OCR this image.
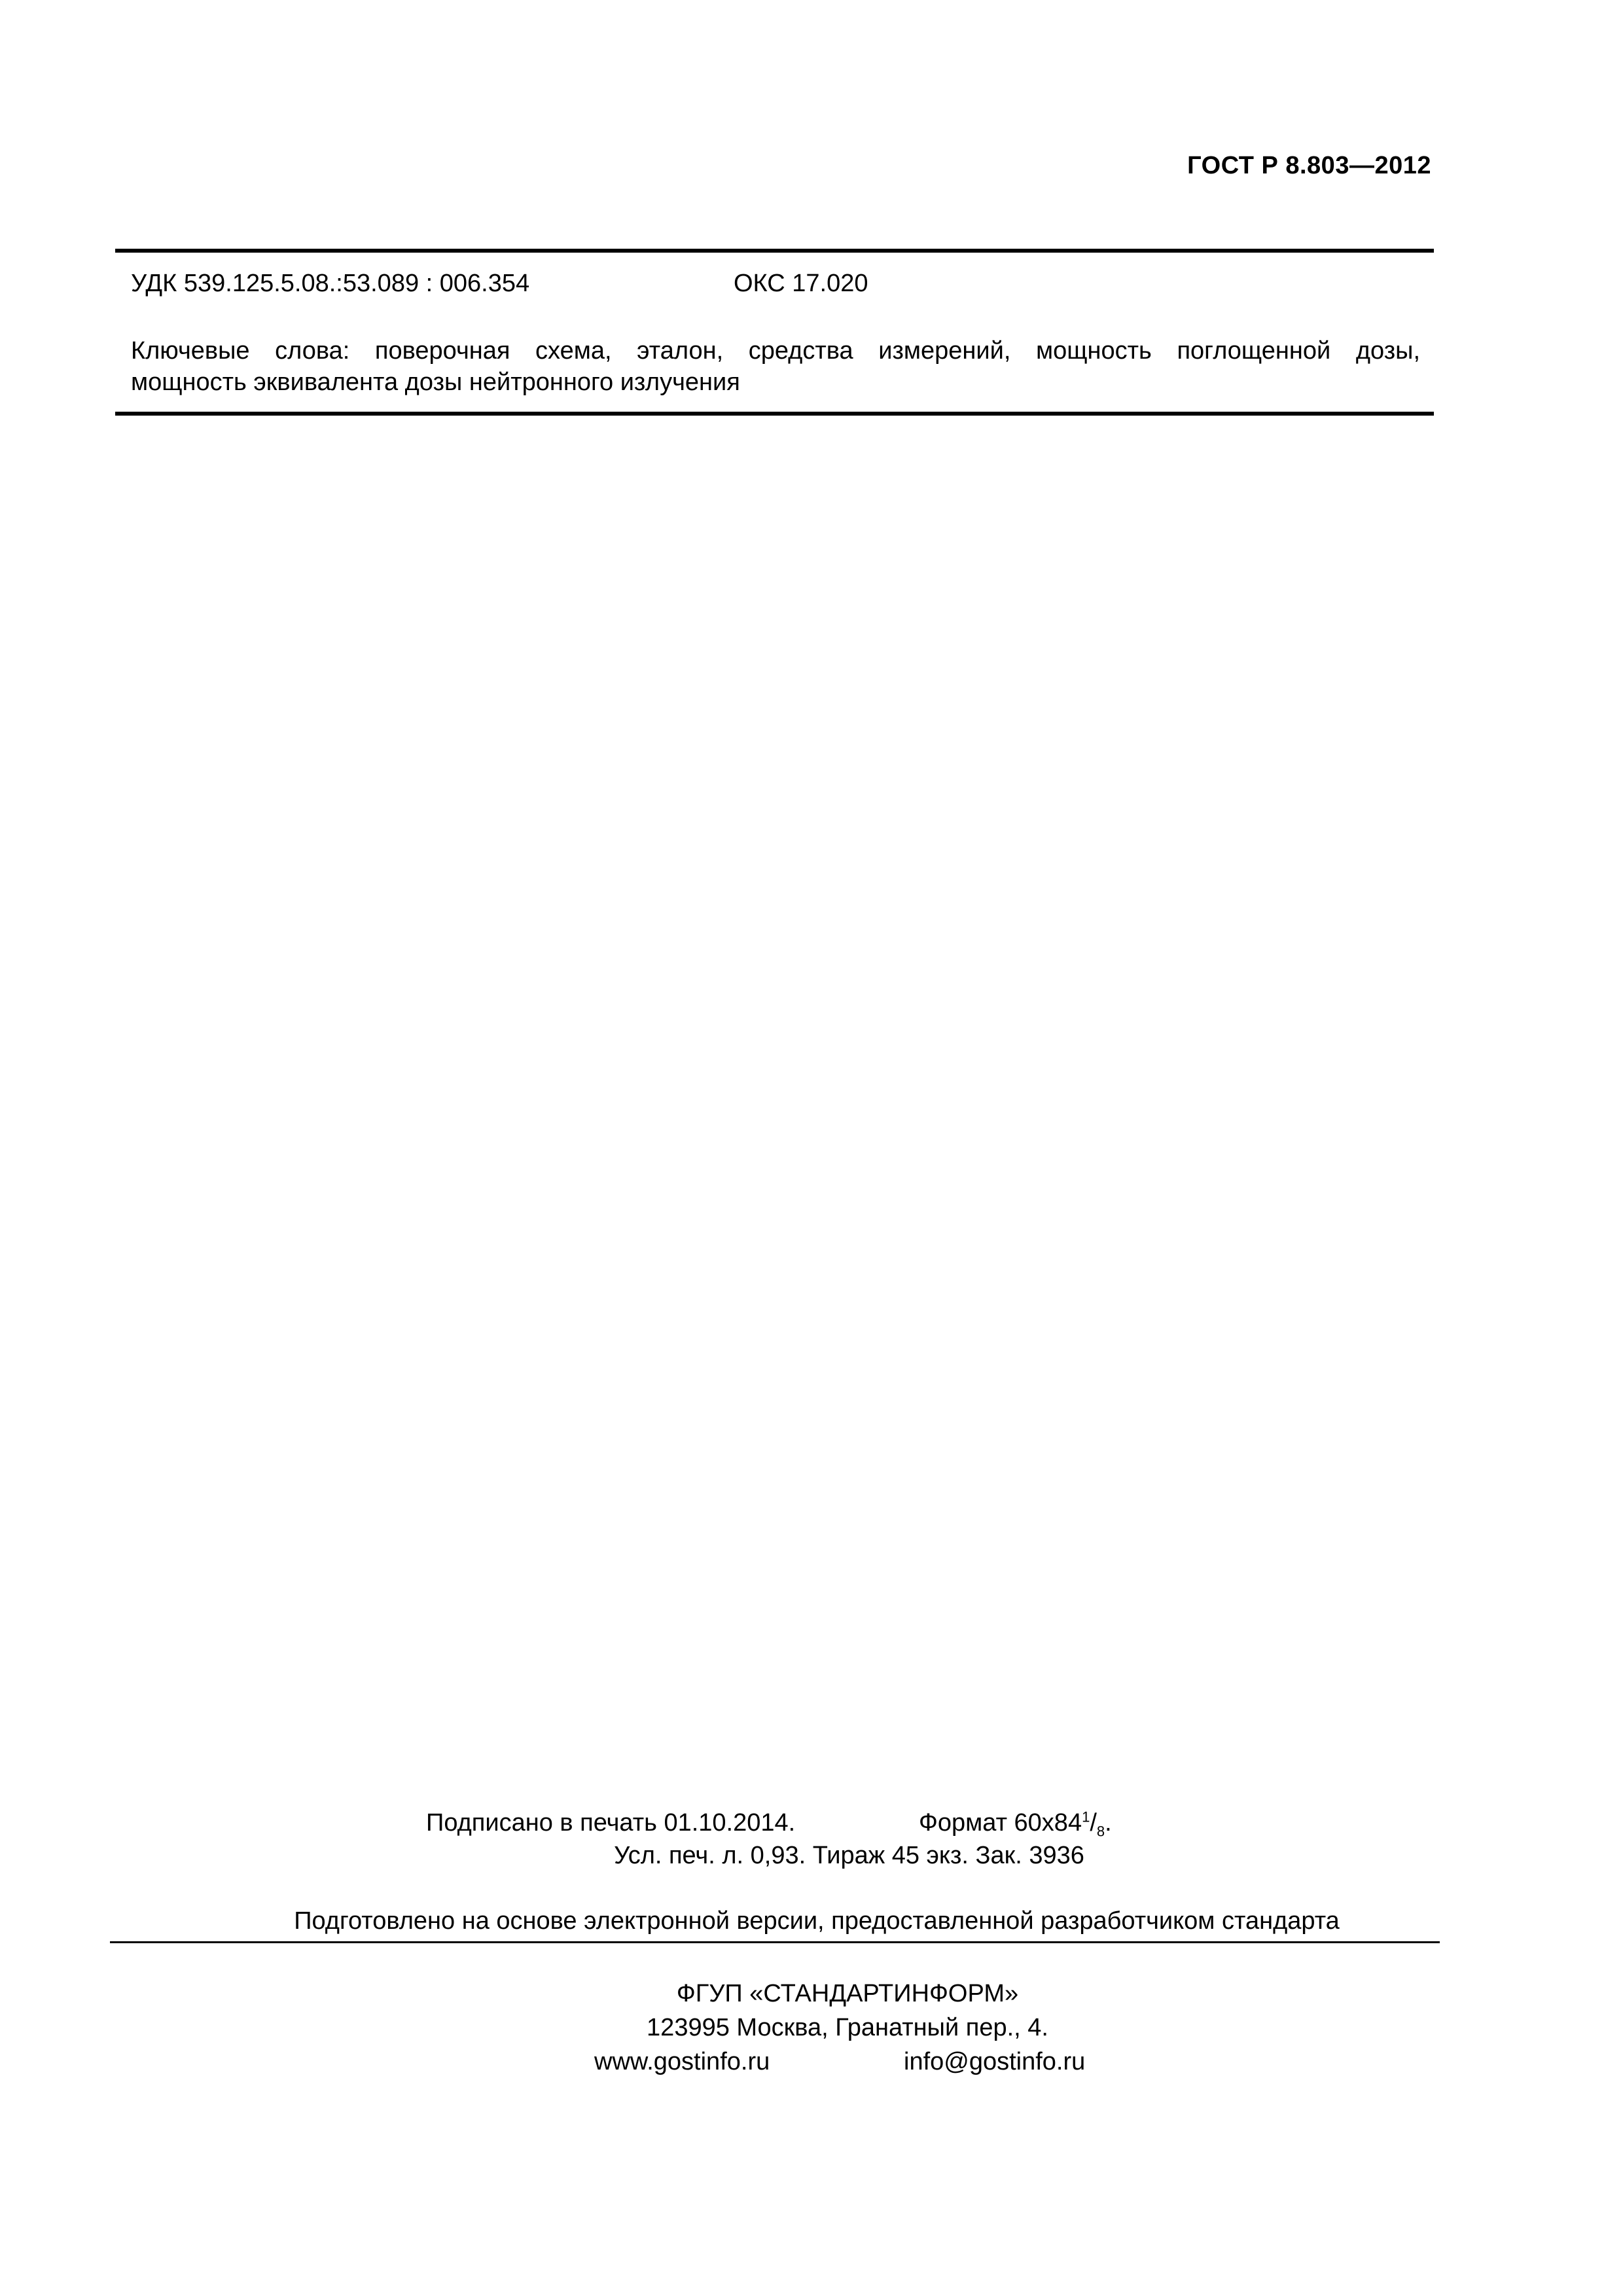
ГОСТ Р 8.803—2012
УДК 539.125.5.08.:53.089 : 006.354	ОКС 17.020
Ключевые слова: поверочная схема, эталон, средства измерений, мощность поглощенной дозы,
мощность эквивалента дозы нейтронного излучения
Подписано в печать 01.10.2014.	Формат $60x84^1/_8$.
Усл. печ. л. 0,93. Тираж 45 экз. Зак. 3936
Подготовлено на основе электронной версии, предоставленной разработчиком стандарта
ФГУП «СТАНДАРТИНФОРМ»
123995 Москва, Гранатный пер., 4.
www.gostinfo.ru	info@gostinfo.ru
